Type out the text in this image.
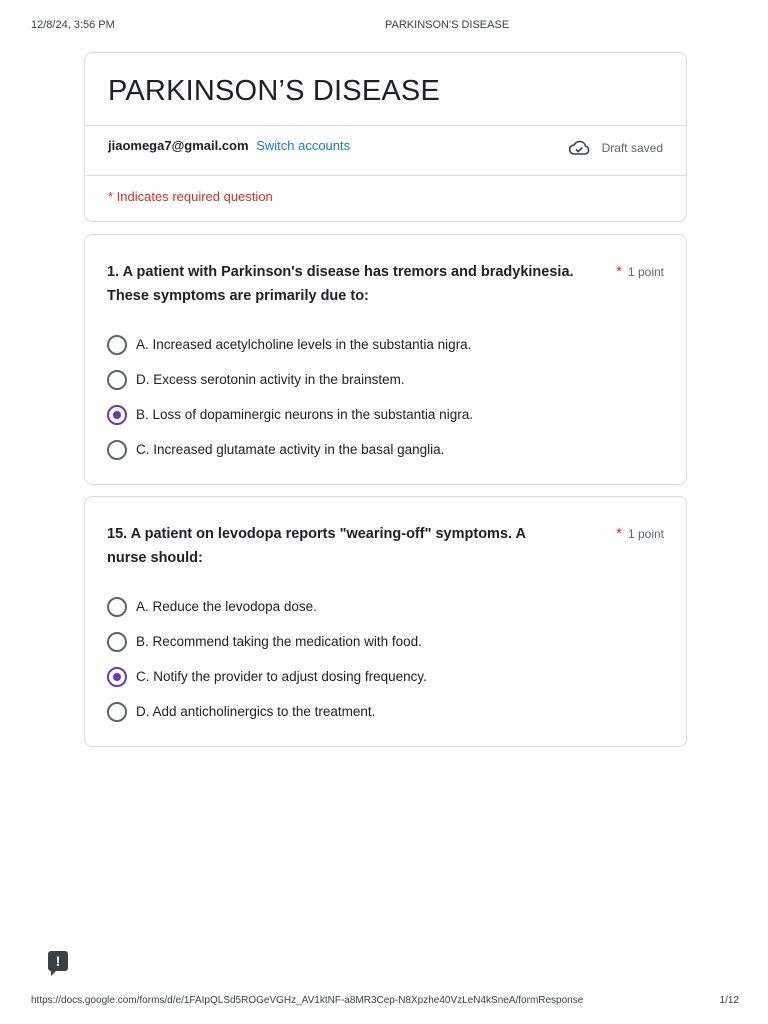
12/8/24, 3:56 PM	PARKINSON'S DISEASE
PARKINSON’S DISEASE
jiaomega7@gmail.com Switch accounts	Draft saved
* Indicates required question
1. A patient with Parkinson's disease has tremors and bradykinesia. These symptoms are primarily due to:
* 1 point
A. Increased acetylcholine levels in the substantia nigra.
D. Excess serotonin activity in the brainstem.
B. Loss of dopaminergic neurons in the substantia nigra.
C. Increased glutamate activity in the basal ganglia.
15. A patient on levodopa reports "wearing-off" symptoms. A nurse should:
* 1 point
A. Reduce the levodopa dose.
B. Recommend taking the medication with food.
C. Notify the provider to adjust dosing frequency.
D. Add anticholinergics to the treatment.
!
https://docs.google.com/forms/d/e/1FAIpQLSd5ROGeVGHz_AV1ktNF-a8MR3Cep-N8Xpzhe40VzLeN4kSneA/formResponse	1/12
